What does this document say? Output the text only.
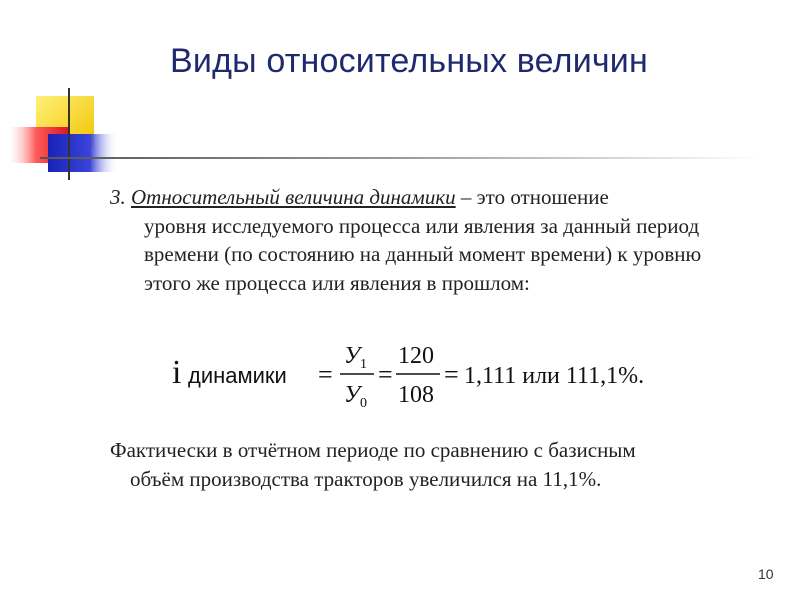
Виды относительных величин
3. Относительный величина динамики – это отношение
уровня исследуемого процесса или явления за данный период времени (по состоянию на данный момент времени) к уровню этого же процесса или явления в прошлом:
i динамики =
У 1
У 0
=
120
108
= 1,111 или 111,1%.
Фактически в отчётном периоде по сравнению с базисным
объём производства тракторов увеличился на 11,1%.
10
